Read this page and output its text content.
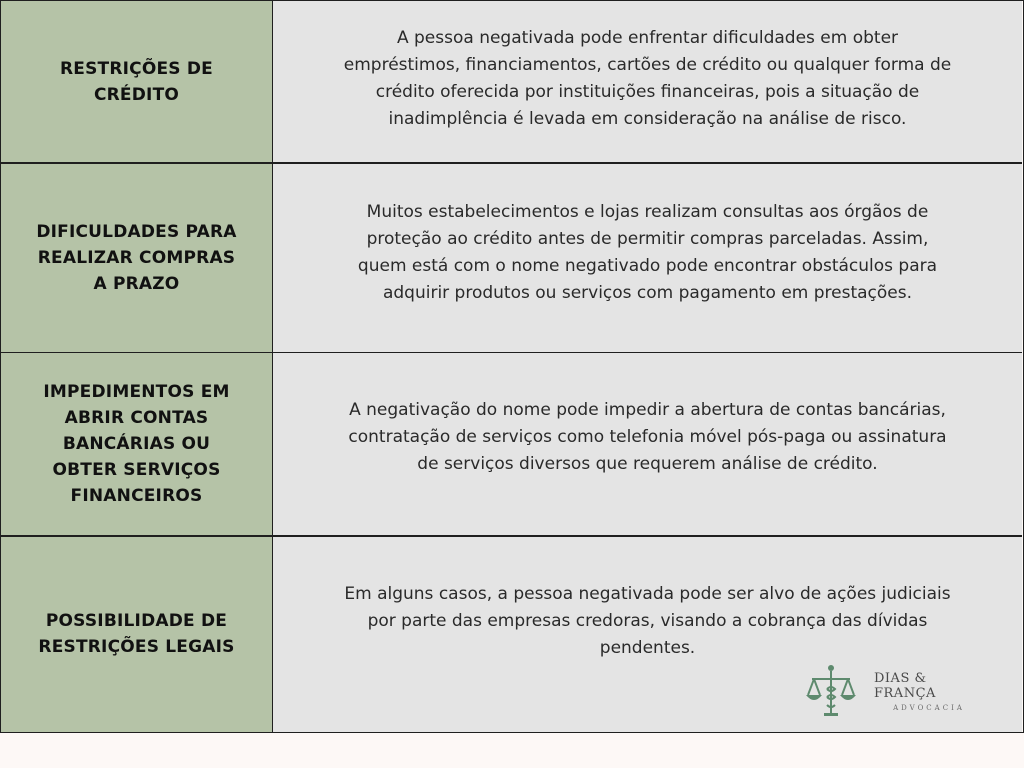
RESTRIÇÕES DE
CRÉDITO
A pessoa negativada pode enfrentar dificuldades em obter
empréstimos, financiamentos, cartões de crédito ou qualquer forma de
crédito oferecida por instituições financeiras, pois a situação de
inadimplência é levada em consideração na análise de risco.
DIFICULDADES PARA
REALIZAR COMPRAS
A PRAZO
Muitos estabelecimentos e lojas realizam consultas aos órgãos de
proteção ao crédito antes de permitir compras parceladas. Assim,
quem está com o nome negativado pode encontrar obstáculos para
adquirir produtos ou serviços com pagamento em prestações.
IMPEDIMENTOS EM
ABRIR CONTAS
BANCÁRIAS OU
OBTER SERVIÇOS
FINANCEIROS
A negativação do nome pode impedir a abertura de contas bancárias,
contratação de serviços como telefonia móvel pós-paga ou assinatura
de serviços diversos que requerem análise de crédito.
POSSIBILIDADE DE
RESTRIÇÕES LEGAIS
Em alguns casos, a pessoa negativada pode ser alvo de ações judiciais
por parte das empresas credoras, visando a cobrança das dívidas
pendentes.
DIAS & FRANÇA
ADVOCACIA
